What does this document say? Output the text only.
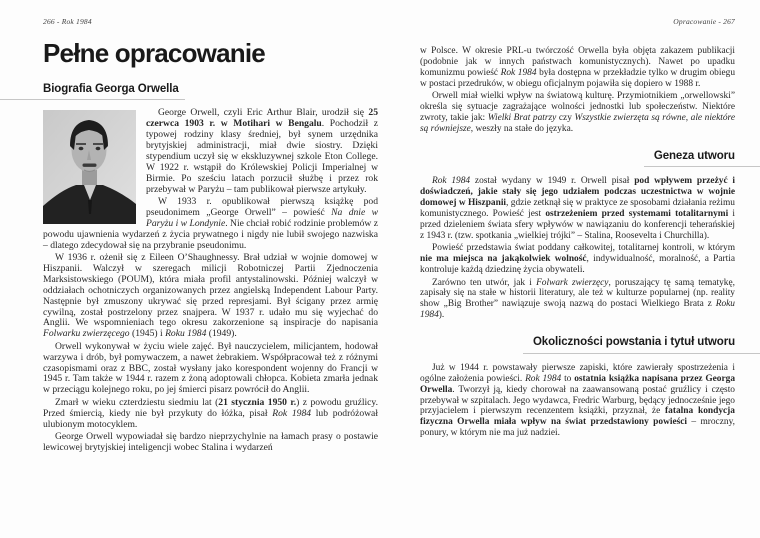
266 - Rok 1984
Pełne opracowanie
Biografia Georga Orwella

George Orwell, czyli Eric Arthur Blair, urodził się 25 czerwca 1903 r. w Motihari w Bengalu. Pochodził z typowej rodziny klasy średniej, był synem urzędnika brytyjskiej administracji, miał dwie siostry. Dzięki stypendium uczył się w ekskluzywnej szkole Eton College. W 1922 r. wstąpił do Królewskiej Policji Imperialnej w Birmie. Po sześciu latach porzucił służbę i przez rok przebywał w Paryżu – tam publikował pierwsze artykuły.

W 1933 r. opublikował pierwszą książkę pod pseudonimem „George Orwell” – powieść Na dnie w Paryżu i w Londynie. Nie chciał robić rodzinie problemów z powodu ujawnienia wydarzeń z życia prywatnego i nigdy nie lubił swojego nazwiska – dlatego zdecydował się na przybranie pseudonimu.

W 1936 r. ożenił się z Eileen O’Shaughnessy. Brał udział w wojnie domowej w Hiszpanii. Walczył w szeregach milicji Robotniczej Partii Zjednoczenia Marksistowskiego (POUM), która miała profil antystalinowski. Później walczył w oddziałach ochotniczych organizowanych przez angielską Independent Labour Party. Następnie był zmuszony ukrywać się przed represjami. Był ścigany przez armię cywilną, został postrzelony przez snajpera. W 1937 r. udało mu się wyjechać do Anglii. We wspomnieniach tego okresu zakorzenione są inspiracje do napisania Folwarku zwierzęcego (1945) i Roku 1984 (1949).

Orwell wykonywał w życiu wiele zajęć. Był nauczycielem, milicjantem, hodował warzywa i drób, był pomywaczem, a nawet żebrakiem. Współpracował też z różnymi czasopismami oraz z BBC, został wysłany jako korespondent wojenny do Francji w 1945 r. Tam także w 1944 r. razem z żoną adoptowali chłopca. Kobieta zmarła jednak w przeciągu kolejnego roku, po jej śmierci pisarz powrócił do Anglii.

Zmarł w wieku czterdziestu siedmiu lat (21 stycznia 1950 r.) z powodu gruźlicy. Przed śmiercią, kiedy nie był przykuty do łóżka, pisał Rok 1984 lub podróżował ulubionym motocyklem.

George Orwell wypowiadał się bardzo nieprzychylnie na łamach prasy o postawie lewicowej brytyjskiej inteligencji wobec Stalina i wydarzeń

Opracowanie - 267

w Polsce. W okresie PRL-u twórczość Orwella była objęta zakazem publikacji (podobnie jak w innych państwach komunistycznych). Nawet po upadku komunizmu powieść Rok 1984 była dostępna w przekładzie tylko w drugim obiegu w postaci przedruków, w obiegu oficjalnym pojawiła się dopiero w 1988 r.

Orwell miał wielki wpływ na światową kulturę. Przymiotnikiem „orwellowski” określa się sytuacje zagrażające wolności jednostki lub społeczeństw. Niektóre zwroty, takie jak: Wielki Brat patrzy czy Wszystkie zwierzęta są równe, ale niektóre są równiejsze, weszły na stałe do języka.

Geneza utworu

Rok 1984 został wydany w 1949 r. Orwell pisał pod wpływem przeżyć i doświadczeń, jakie stały się jego udziałem podczas uczestnictwa w wojnie domowej w Hiszpanii, gdzie zetknął się w praktyce ze sposobami działania reżimu komunistycznego. Powieść jest ostrzeżeniem przed systemami totalitarnymi i przed dzieleniem świata sfery wpływów w nawiązaniu do konferencji teherańskiej z 1943 r. (tzw. spotkania „wielkiej trójki” – Stalina, Roosevelta i Churchilla).

Powieść przedstawia świat poddany całkowitej, totalitarnej kontroli, w którym nie ma miejsca na jakąkolwiek wolność, indywidualność, moralność, a Partia kontroluje każdą dziedzinę życia obywateli.

Zarówno ten utwór, jak i Folwark zwierzęcy, poruszający tę samą tematykę, zapisały się na stałe w historii literatury, ale też w kulturze popularnej (np. reality show „Big Brother” nawiązuje swoją nazwą do postaci Wielkiego Brata z Roku 1984).

Okoliczności powstania i tytuł utworu

Już w 1944 r. powstawały pierwsze zapiski, które zawierały spostrzeżenia i ogólne założenia powieści. Rok 1984 to ostatnia książka napisana przez Georga Orwella. Tworzył ją, kiedy chorował na zaawansowaną postać gruźlicy i często przebywał w szpitalach. Jego wydawca, Fredric Warburg, będący jednocześnie jego przyjacielem i pierwszym recenzentem książki, przyznał, że fatalna kondycja fizyczna Orwella miała wpływ na świat przedstawiony powieści – mroczny, ponury, w którym nie ma już nadziei.
